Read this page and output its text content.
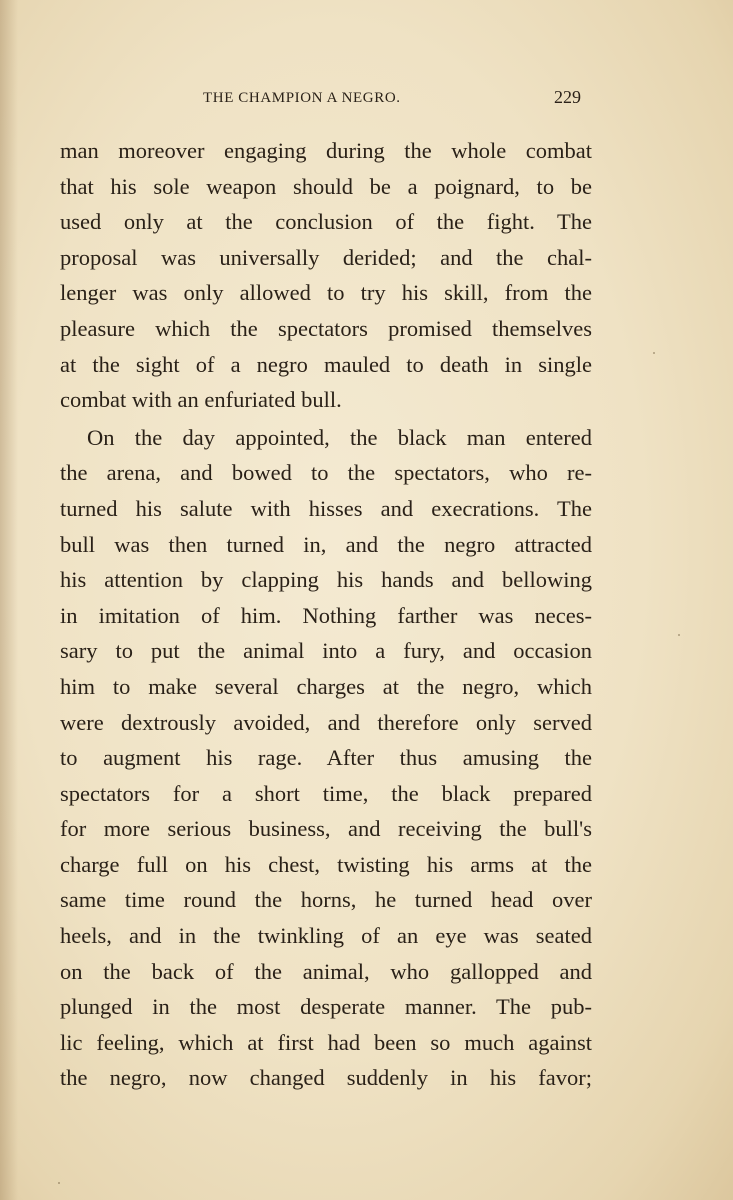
THE CHAMPION A NEGRO.	229
man moreover engaging during the whole combat
that his sole weapon should be a poignard, to be
used only at the conclusion of the fight. The
proposal was universally derided; and the chal-
lenger was only allowed to try his skill, from the
pleasure which the spectators promised themselves
at the sight of a negro mauled to death in single
combat with an enfuriated bull.
On the day appointed, the black man entered
the arena, and bowed to the spectators, who re-
turned his salute with hisses and execrations. The
bull was then turned in, and the negro attracted
his attention by clapping his hands and bellowing
in imitation of him. Nothing farther was neces-
sary to put the animal into a fury, and occasion
him to make several charges at the negro, which
were dextrously avoided, and therefore only served
to augment his rage. After thus amusing the
spectators for a short time, the black prepared
for more serious business, and receiving the bull's
charge full on his chest, twisting his arms at the
same time round the horns, he turned head over
heels, and in the twinkling of an eye was seated
on the back of the animal, who gallopped and
plunged in the most desperate manner. The pub-
lic feeling, which at first had been so much against
the negro, now changed suddenly in his favor;
